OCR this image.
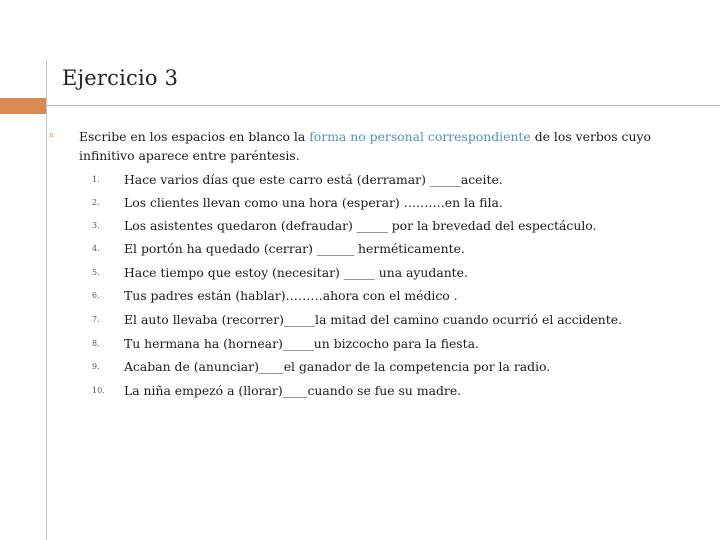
Ejercicio 3
n Escribe en los espacios en blanco la forma no personal correspondiente de los verbos cuyo infinitivo aparece entre paréntesis.
1.	Hace varios días que este carro está (derramar) _____aceite.
2.	Los clientes llevan como una hora (esperar) ……….en la fila.
3.	Los asistentes quedaron (defraudar) _____ por la brevedad del espectáculo.
4.	El portón ha quedado (cerrar) ______ herméticamente.
5.	Hace tiempo que estoy (necesitar) _____ una ayudante.
6.	Tus padres están (hablar)………ahora con el médico .
7.	El auto llevaba (recorrer)_____la mitad del camino cuando ocurrió el accidente.
8.	Tu hermana ha (hornear)_____un bizcocho para la fiesta.
9.	Acaban de (anunciar)____el ganador de la competencia por la radio.
10.	La niña empezó a (llorar)____cuando se fue su madre.
